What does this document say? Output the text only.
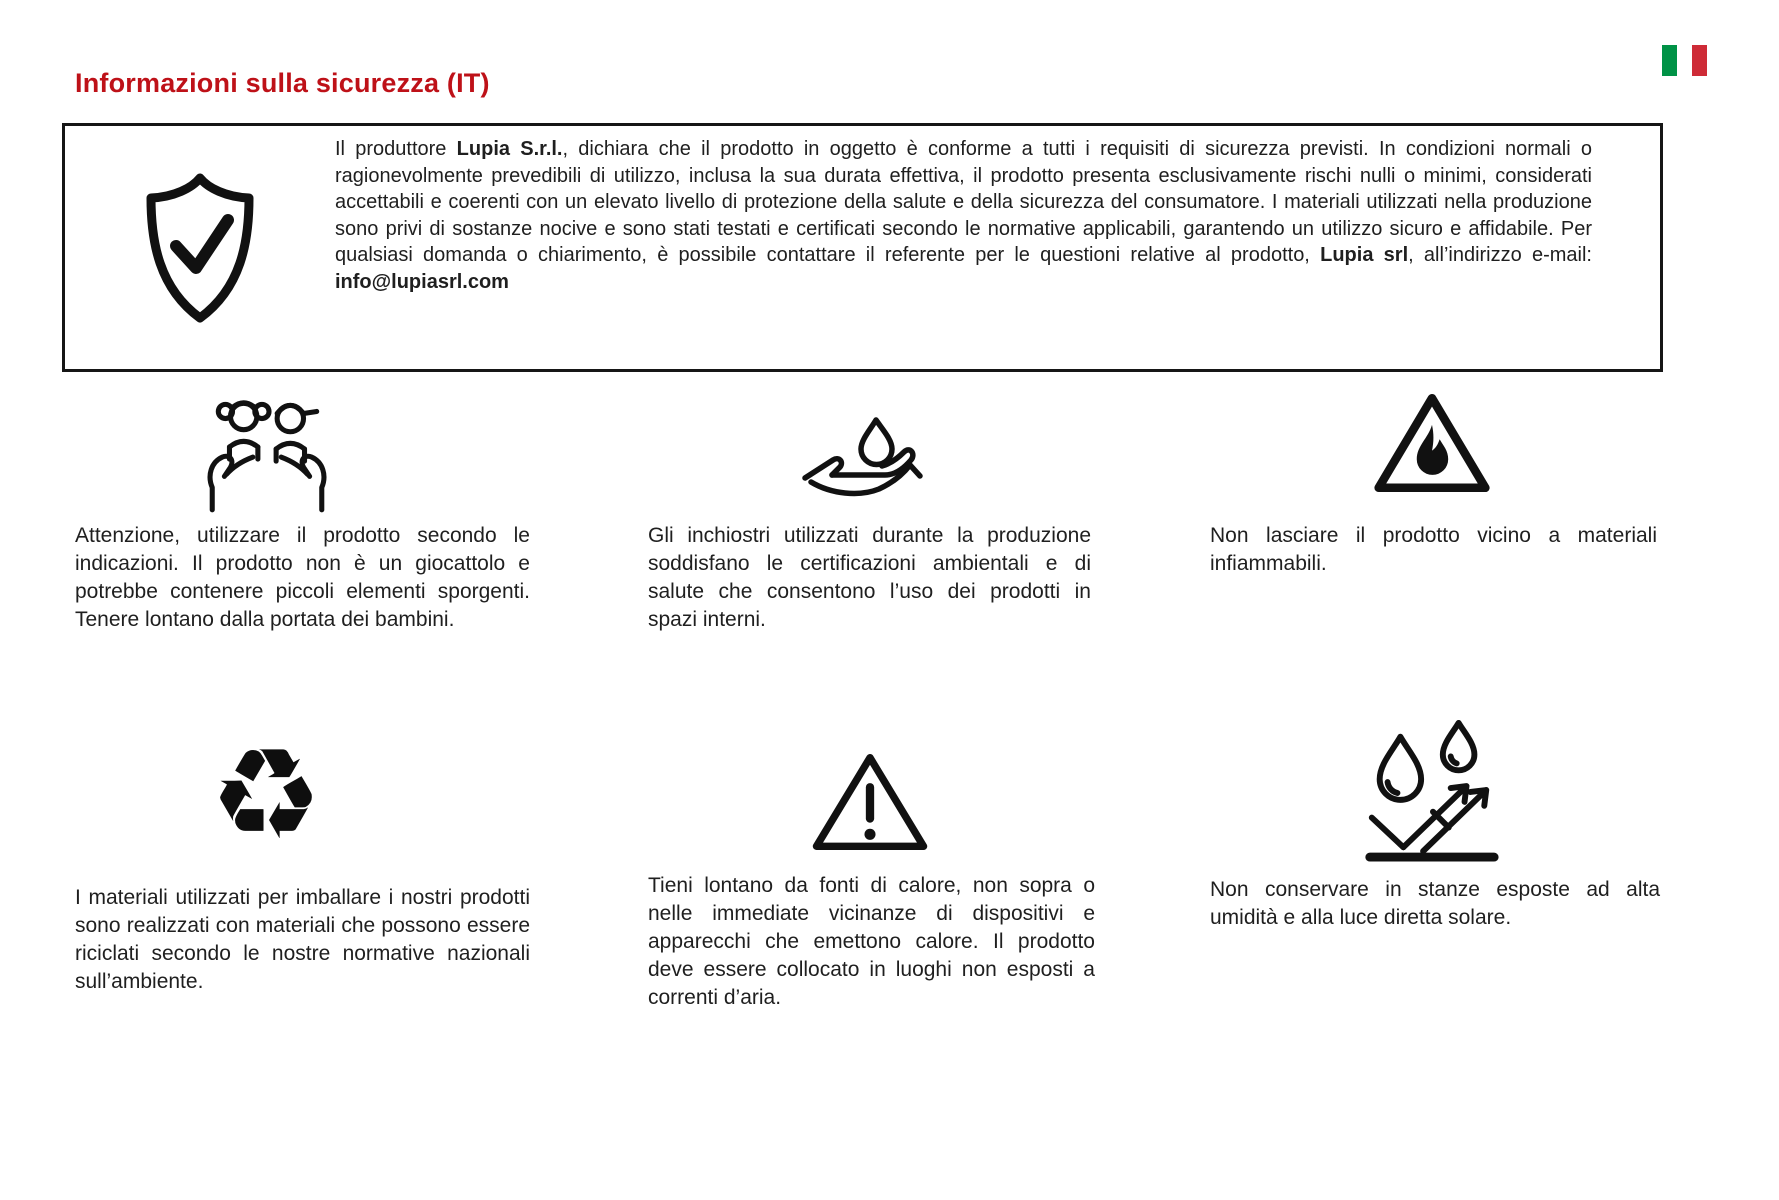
Informazioni sulla sicurezza (IT)

Il produttore Lupia S.r.l., dichiara che il prodotto in oggetto è conforme a tutti i requisiti di sicurezza previsti. In condizioni normali o ragionevolmente prevedibili di utilizzo, inclusa la sua durata effettiva, il prodotto presenta esclusivamente rischi nulli o minimi, considerati accettabili e coerenti con un elevato livello di protezione della salute e della sicurezza del consumatore. I materiali utilizzati nella produzione sono privi di sostanze nocive e sono stati testati e certificati secondo le normative applicabili, garantendo un utilizzo sicuro e affidabile. Per qualsiasi domanda o chiarimento, è possibile contattare il referente per le questioni relative al prodotto, Lupia srl, all’indirizzo e-mail: info@lupiasrl.com

Attenzione, utilizzare il prodotto secondo le indicazioni. Il prodotto non è un giocattolo e potrebbe contenere piccoli elementi sporgenti. Tenere lontano dalla portata dei bambini.

Gli inchiostri utilizzati durante la produzione soddisfano le certificazioni ambientali e di salute che consentono l’uso dei prodotti in spazi interni.

Non lasciare il prodotto vicino a materiali infiammabili.

♻

I materiali utilizzati per imballare i nostri prodotti sono realizzati con materiali che possono essere riciclati secondo le nostre normative nazionali sull’ambiente.

Tieni lontano da fonti di calore, non sopra o nelle immediate vicinanze di dispositivi e apparecchi che emettono calore. Il prodotto deve essere collocato in luoghi non esposti a correnti d’aria.

Non conservare in stanze esposte ad alta umidità e alla luce diretta solare.
